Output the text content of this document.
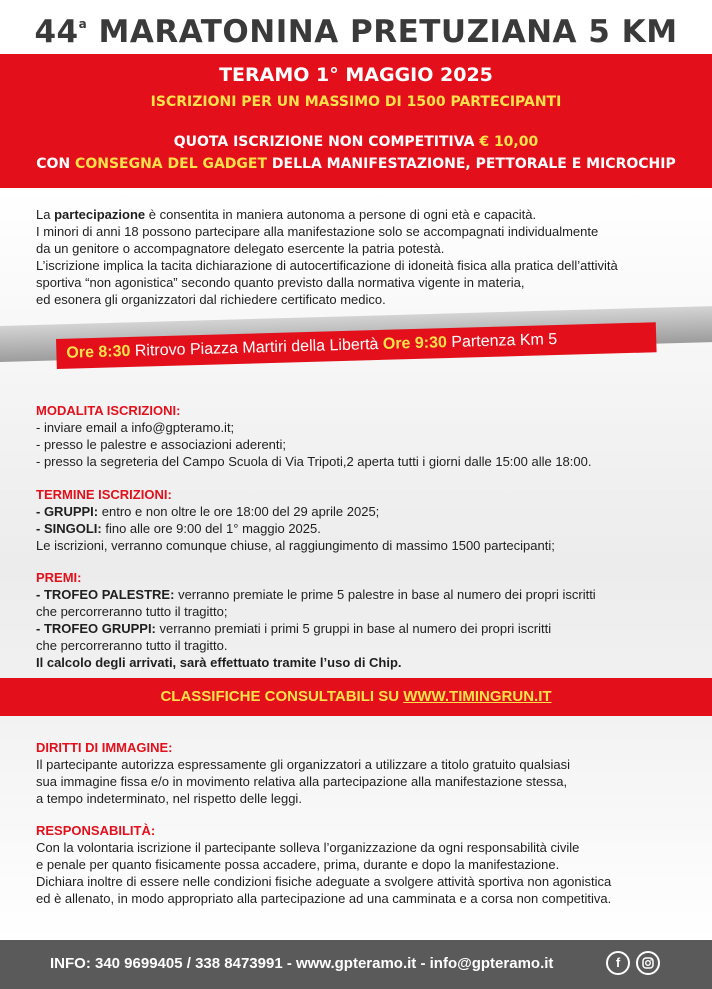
44$^a$ MARATONINA PRETUZIANA 5 KM
TERAMO 1° MAGGIO 2025
ISCRIZIONI PER UN MASSIMO DI 1500 PARTECIPANTI
QUOTA ISCRIZIONE NON COMPETITIVA € 10,00
CON CONSEGNA DEL GADGET DELLA MANIFESTAZIONE, PETTORALE E MICROCHIP

La partecipazione è consentita in maniera autonoma a persone di ogni età e capacità.

I minori di anni 18 possono partecipare alla manifestazione solo se accompagnati individualmente

da un genitore o accompagnatore delegato esercente la patria potestà.

L’iscrizione implica la tacita dichiarazione di autocertificazione di idoneità fisica alla pratica dell’attività

sportiva “non agonistica” secondo quanto previsto dalla normativa vigente in materia,

ed esonera gli organizzatori dal richiedere certificato medico.

Ore 8:30 Ritrovo Piazza Martiri della Libertà Ore 9:30 Partenza Km 5

MODALITA ISCRIZIONI:

- inviare email a info@gpteramo.it;

- presso le palestre e associazioni aderenti;

- presso la segreteria del Campo Scuola di Via Tripoti,2 aperta tutti i giorni dalle 15:00 alle 18:00.

TERMINE ISCRIZIONI:

- GRUPPI: entro e non oltre le ore 18:00 del 29 aprile 2025;

- SINGOLI: fino alle ore 9:00 del 1° maggio 2025.

Le iscrizioni, verranno comunque chiuse, al raggiungimento di massimo 1500 partecipanti;

PREMI:

- TROFEO PALESTRE: verranno premiate le prime 5 palestre in base al numero dei propri iscritti

che percorreranno tutto il tragitto;

- TROFEO GRUPPI: verranno premiati i primi 5 gruppi in base al numero dei propri iscritti

che percorreranno tutto il tragitto.

Il calcolo degli arrivati, sarà effettuato tramite l’uso di Chip.

CLASSIFICHE CONSULTABILI SU WWW.TIMINGRUN.IT

DIRITTI DI IMMAGINE:

Il partecipante autorizza espressamente gli organizzatori a utilizzare a titolo gratuito qualsiasi

sua immagine fissa e/o in movimento relativa alla partecipazione alla manifestazione stessa,

a tempo indeterminato, nel rispetto delle leggi.

RESPONSABILITÀ:

Con la volontaria iscrizione il partecipante solleva l’organizzazione da ogni responsabilità civile

e penale per quanto fisicamente possa accadere, prima, durante e dopo la manifestazione.

Dichiara inoltre di essere nelle condizioni fisiche adeguate a svolgere attività sportiva non agonistica

ed è allenato, in modo appropriato alla partecipazione ad una camminata e a corsa non competitiva.

INFO: 340 9699405 / 338 8473991 - www.gpteramo.it - info@gpteramo.it	f
